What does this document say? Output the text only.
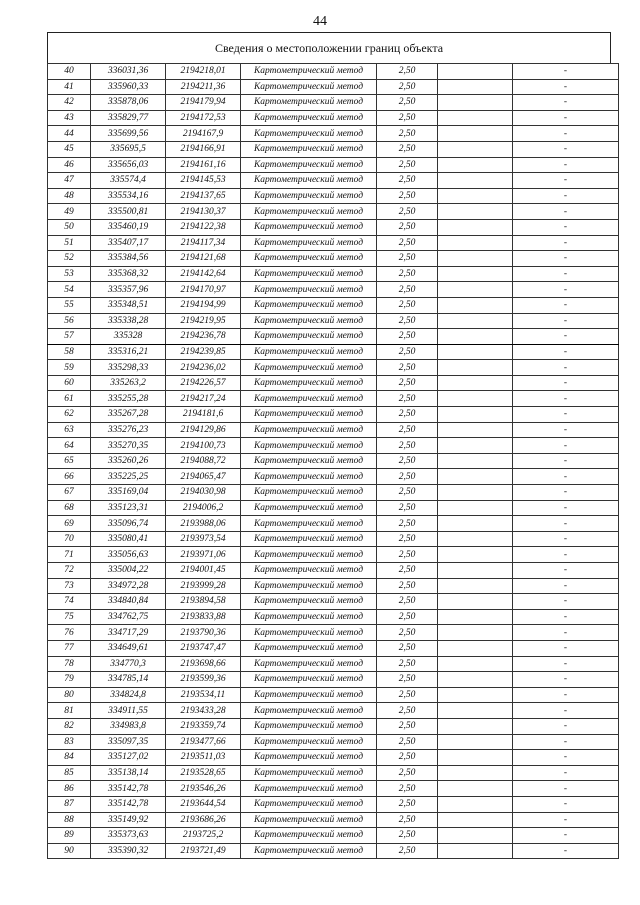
44
Сведения о местоположении границ объекта
40	336031,36	2194218,01	Картометрический метод	2,50		-
41	335960,33	2194211,36	Картометрический метод	2,50		-
42	335878,06	2194179,94	Картометрический метод	2,50		-
43	335829,77	2194172,53	Картометрический метод	2,50		-
44	335699,56	2194167,9	Картометрический метод	2,50		-
45	335695,5	2194166,91	Картометрический метод	2,50		-
46	335656,03	2194161,16	Картометрический метод	2,50		-
47	335574,4	2194145,53	Картометрический метод	2,50		-
48	335534,16	2194137,65	Картометрический метод	2,50		-
49	335500,81	2194130,37	Картометрический метод	2,50		-
50	335460,19	2194122,38	Картометрический метод	2,50		-
51	335407,17	2194117,34	Картометрический метод	2,50		-
52	335384,56	2194121,68	Картометрический метод	2,50		-
53	335368,32	2194142,64	Картометрический метод	2,50		-
54	335357,96	2194170,97	Картометрический метод	2,50		-
55	335348,51	2194194,99	Картометрический метод	2,50		-
56	335338,28	2194219,95	Картометрический метод	2,50		-
57	335328	2194236,78	Картометрический метод	2,50		-
58	335316,21	2194239,85	Картометрический метод	2,50		-
59	335298,33	2194236,02	Картометрический метод	2,50		-
60	335263,2	2194226,57	Картометрический метод	2,50		-
61	335255,28	2194217,24	Картометрический метод	2,50		-
62	335267,28	2194181,6	Картометрический метод	2,50		-
63	335276,23	2194129,86	Картометрический метод	2,50		-
64	335270,35	2194100,73	Картометрический метод	2,50		-
65	335260,26	2194088,72	Картометрический метод	2,50		-
66	335225,25	2194065,47	Картометрический метод	2,50		-
67	335169,04	2194030,98	Картометрический метод	2,50		-
68	335123,31	2194006,2	Картометрический метод	2,50		-
69	335096,74	2193988,06	Картометрический метод	2,50		-
70	335080,41	2193973,54	Картометрический метод	2,50		-
71	335056,63	2193971,06	Картометрический метод	2,50		-
72	335004,22	2194001,45	Картометрический метод	2,50		-
73	334972,28	2193999,28	Картометрический метод	2,50		-
74	334840,84	2193894,58	Картометрический метод	2,50		-
75	334762,75	2193833,88	Картометрический метод	2,50		-
76	334717,29	2193790,36	Картометрический метод	2,50		-
77	334649,61	2193747,47	Картометрический метод	2,50		-
78	334770,3	2193698,66	Картометрический метод	2,50		-
79	334785,14	2193599,36	Картометрический метод	2,50		-
80	334824,8	2193534,11	Картометрический метод	2,50		-
81	334911,55	2193433,28	Картометрический метод	2,50		-
82	334983,8	2193359,74	Картометрический метод	2,50		-
83	335097,35	2193477,66	Картометрический метод	2,50		-
84	335127,02	2193511,03	Картометрический метод	2,50		-
85	335138,14	2193528,65	Картометрический метод	2,50		-
86	335142,78	2193546,26	Картометрический метод	2,50		-
87	335142,78	2193644,54	Картометрический метод	2,50		-
88	335149,92	2193686,26	Картометрический метод	2,50		-
89	335373,63	2193725,2	Картометрический метод	2,50		-
90	335390,32	2193721,49	Картометрический метод	2,50		-
